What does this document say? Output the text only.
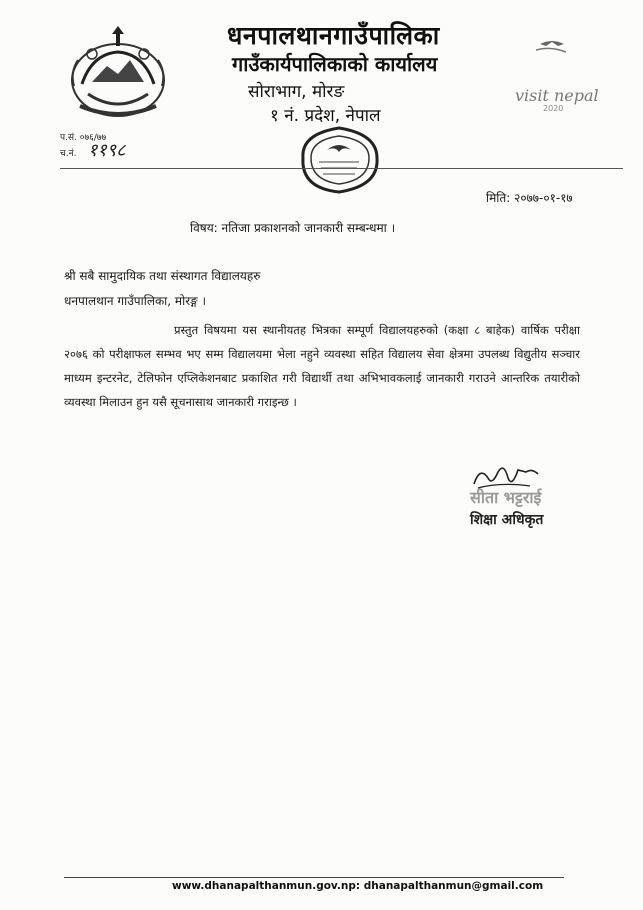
धनपालथानगाउँपालिका
गाउँकार्यपालिकाको कार्यालय
सोराभाग, मोरङ
१ नं. प्रदेश, नेपाल
visit nepal
2020
प.सं. ०७६/७७
च.नं. ११९८
मिति: २०७७-०१-१७
विषय: नतिजा प्रकाशनको जानकारी सम्बन्धमा ।
श्री सबै सामुदायिक तथा संस्थागत विद्यालयहरु
धनपालथान गाउँपालिका, मोरङ्ग ।
प्रस्तुत विषयमा यस स्थानीयतह भित्रका सम्पूर्ण विद्यालयहरुको (कक्षा ८ बाहेक) वार्षिक परीक्षा २०७६ को परीक्षाफल सम्भव भए सम्म विद्यालयमा भेला नहुने व्यवस्था सहित विद्यालय सेवा क्षेत्रमा उपलब्ध विद्युतीय सञ्चार माध्यम इन्टरनेट, टेलिफोन एप्लिकेशनबाट प्रकाशित गरी विद्यार्थी तथा अभिभावकलाई जानकारी गराउने आन्तरिक तयारीको व्यवस्था मिलाउन हुन यसै सूचनासाथ जानकारी गराइन्छ ।
सीता भट्टराई
शिक्षा अधिकृत
www.dhanapalthanmun.gov.np: dhanapalthanmun@gmail.com
